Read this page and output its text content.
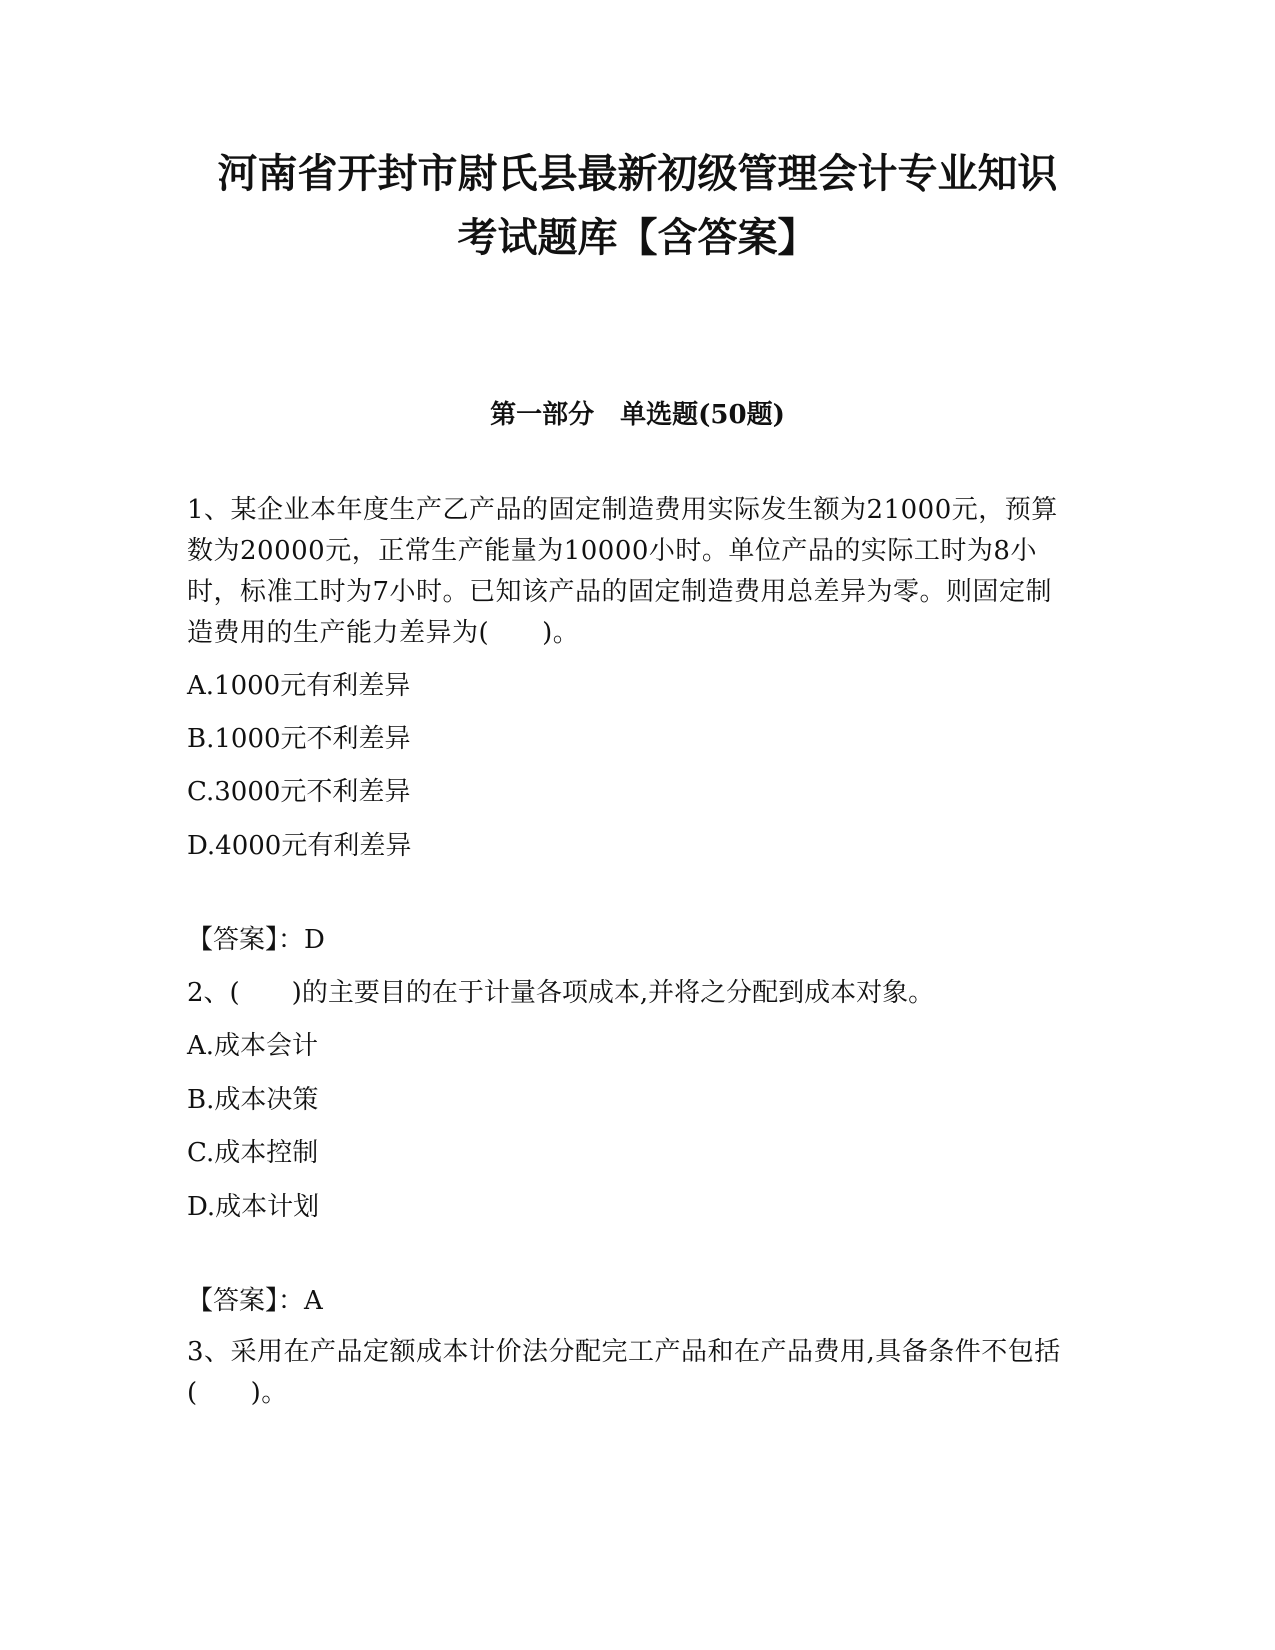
河南省开封市尉氏县最新初级管理会计专业知识
考试题库【含答案】
第一部分　单选题(50题)

1、某企业本年度生产乙产品的固定制造费用实际发生额为21000元，预算数为20000元，正常生产能量为10000小时。单位产品的实际工时为8小时，标准工时为7小时。已知该产品的固定制造费用总差异为零。则固定制造费用的生产能力差异为(　　)。

A.1000元有利差异

B.1000元不利差异

C.3000元不利差异

D.4000元有利差异

【答案】：D

2、(　　)的主要目的在于计量各项成本,并将之分配到成本对象。

A.成本会计

B.成本决策

C.成本控制

D.成本计划

【答案】：A

3、采用在产品定额成本计价法分配完工产品和在产品费用,具备条件不包括(　　)。
